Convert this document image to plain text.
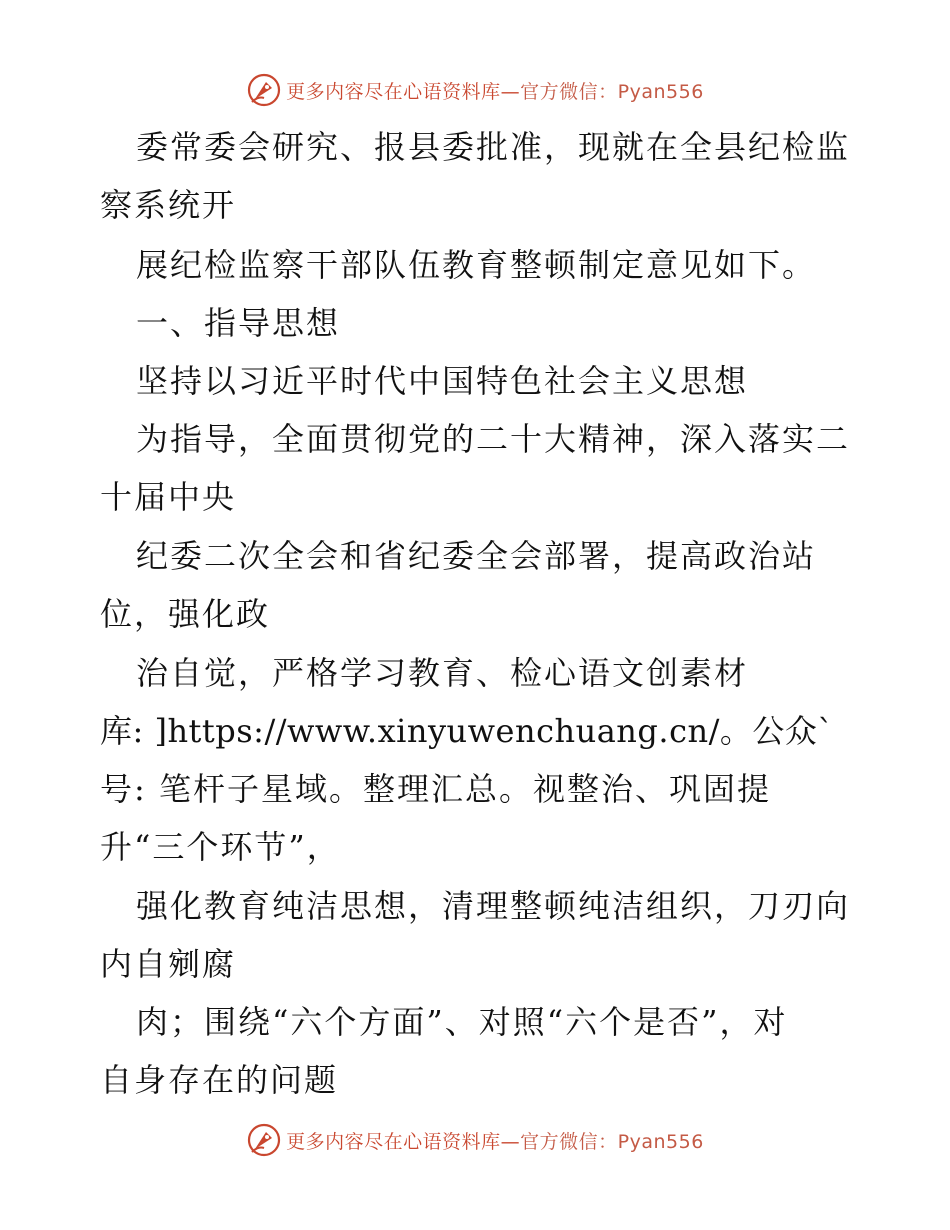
更多内容尽在心语资料库—官方微信：Pyan556
委常委会研究、报县委批准，现就在全县纪检监
察系统开
展纪检监察干部队伍教育整顿制定意见如下。
一、指导思想
坚持以习近平时代中国特色社会主义思想
为指导，全面贯彻党的二十大精神，深入落实二
十届中央
纪委二次全会和省纪委全会部署，提高政治站
位，强化政
治自觉，严格学习教育、检心语文创素材
库: ]https://www.xinyuwenchuang.cn/。公众`
号: 笔杆子星域。整理汇总。视整治、巩固提
升“三个环节”，
强化教育纯洁思想，清理整顿纯洁组织，刀刃向
内自剜腐
肉；围绕“六个方面”、对照“六个是否”，对
自身存在的问题
更多内容尽在心语资料库—官方微信：Pyan556
